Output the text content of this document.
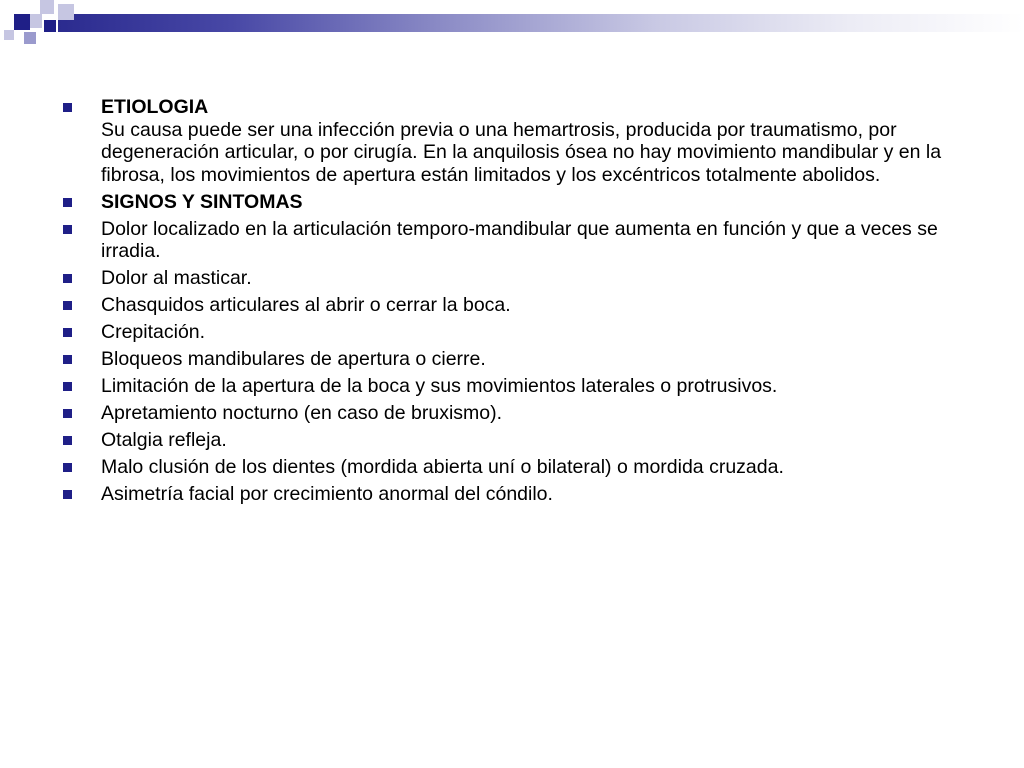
ETIOLOGIA
Su causa puede ser una infección previa o una hemartrosis, producida por traumatismo, por degeneración articular, o por cirugía. En la anquilosis ósea no hay movimiento mandibular y en la fibrosa, los movimientos de apertura están limitados y los excéntricos totalmente abolidos.
SIGNOS Y SINTOMAS
Dolor localizado en la articulación temporo-mandibular que aumenta en función y que a veces se irradia.
Dolor al masticar.
Chasquidos articulares al abrir o cerrar la boca.
Crepitación.
Bloqueos mandibulares de apertura o cierre.
Limitación de la apertura de la boca y sus movimientos laterales o protrusivos.
Apretamiento nocturno (en caso de bruxismo).
Otalgia refleja.
Malo clusión de los dientes (mordida abierta uní o bilateral) o mordida cruzada.
Asimetría facial por crecimiento anormal del cóndilo.
